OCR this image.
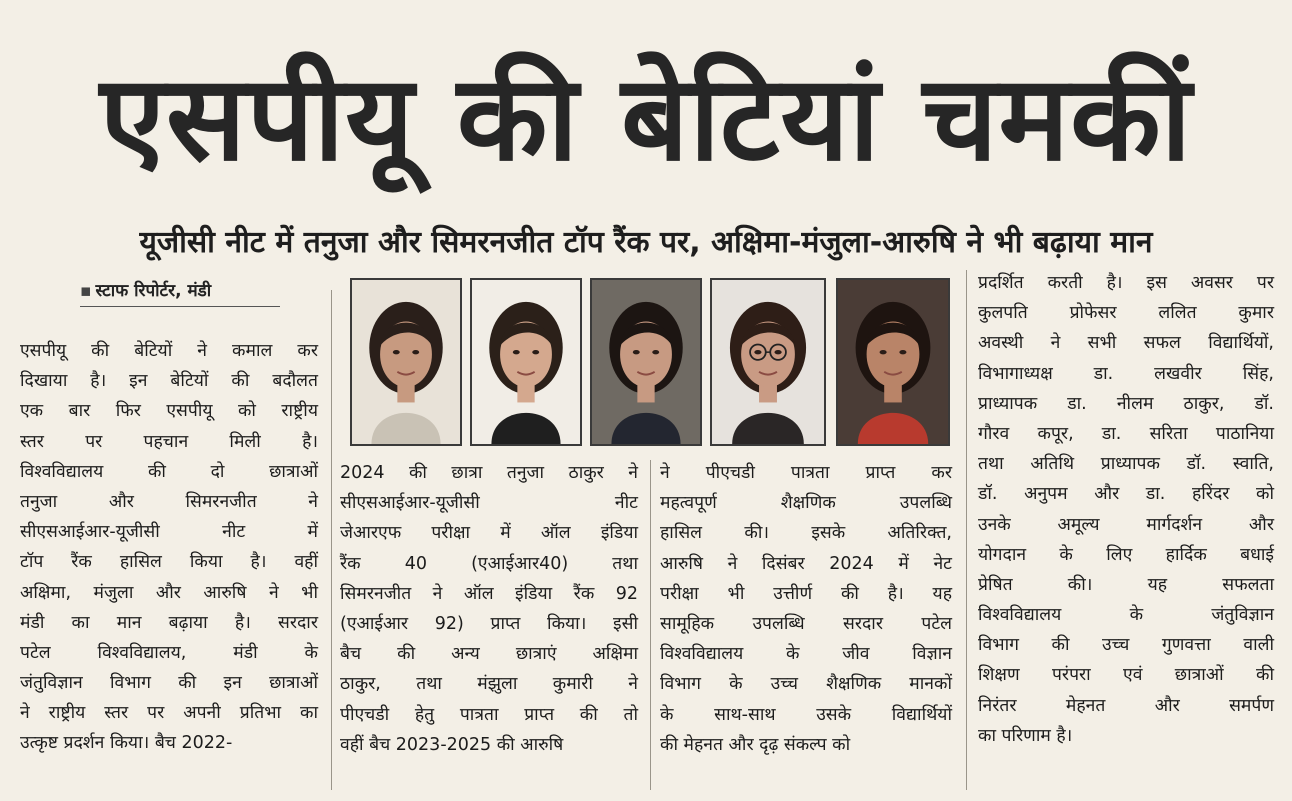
एसपीयू की बेटियां चमकीं
यूजीसी नीट में तनुजा और सिमरनजीत टॉप रैंक पर, अक्षिमा-मंजुला-आरुषि ने भी बढ़ाया मान
▪ स्टाफ रिपोर्टर, मंडी
एसपीयू की बेटियों ने कमाल कर
दिखाया है। इन बेटियों की बदौलत
एक बार फिर एसपीयू को राष्ट्रीय
स्तर पर पहचान मिली है।
विश्वविद्यालय की दो छात्राओं
तनुजा और सिमरनजीत ने
सीएसआईआर-यूजीसी नीट में
टॉप रैंक हासिल किया है। वहीं
अक्षिमा, मंजुला और आरुषि ने भी
मंडी का मान बढ़ाया है। सरदार
पटेल विश्वविद्यालय, मंडी के
जंतुविज्ञान विभाग की इन छात्राओं
ने राष्ट्रीय स्तर पर अपनी प्रतिभा का
उत्कृष्ट प्रदर्शन किया। बैच 2022-
2024 की छात्रा तनुजा ठाकुर ने
सीएसआईआर-यूजीसी नीट
जेआरएफ परीक्षा में ऑल इंडिया
रैंक 40 (एआईआर40) तथा
सिमरनजीत ने ऑल इंडिया रैंक 92
(एआईआर 92) प्राप्त किया। इसी
बैच की अन्य छात्राएं अक्षिमा
ठाकुर, तथा मंझुला कुमारी ने
पीएचडी हेतु पात्रता प्राप्त की तो
वहीं बैच 2023-2025 की आरुषि
ने पीएचडी पात्रता प्राप्त कर
महत्वपूर्ण शैक्षणिक उपलब्धि
हासिल की। इसके अतिरिक्त,
आरुषि ने दिसंबर 2024 में नेट
परीक्षा भी उत्तीर्ण की है। यह
सामूहिक उपलब्धि सरदार पटेल
विश्वविद्यालय के जीव विज्ञान
विभाग के उच्च शैक्षणिक मानकों
के साथ-साथ उसके विद्यार्थियों
की मेहनत और दृढ़ संकल्प को
प्रदर्शित करती है। इस अवसर पर
कुलपति प्रोफेसर ललित कुमार
अवस्थी ने सभी सफल विद्यार्थियों,
विभागाध्यक्ष डा. लखवीर सिंह,
प्राध्यापक डा. नीलम ठाकुर, डॉ.
गौरव कपूर, डा. सरिता पाठानिया
तथा अतिथि प्राध्यापक डॉ. स्वाति,
डॉ. अनुपम और डा. हरिंदर को
उनके अमूल्य मार्गदर्शन और
योगदान के लिए हार्दिक बधाई
प्रेषित की। यह सफलता
विश्वविद्यालय के जंतुविज्ञान
विभाग की उच्च गुणवत्ता वाली
शिक्षण परंपरा एवं छात्राओं की
निरंतर मेहनत और समर्पण
का परिणाम है।
